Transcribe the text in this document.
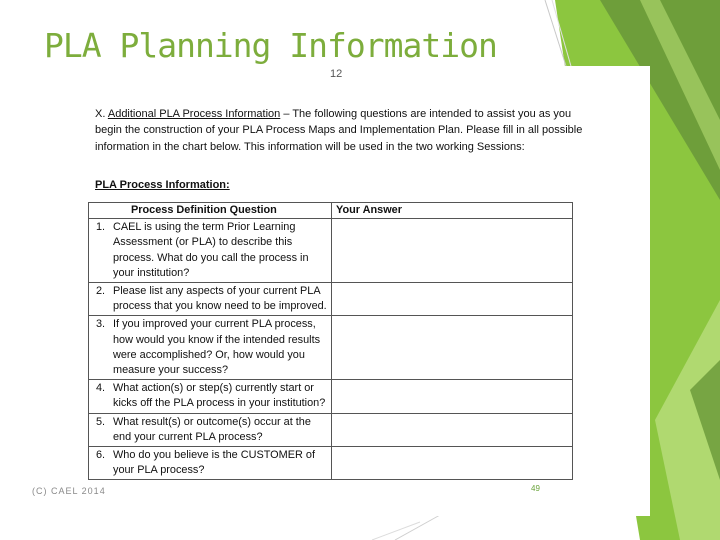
PLA Planning Information
12
X. Additional PLA Process Information – The following questions are intended to assist you as you begin the construction of your PLA Process Maps and Implementation Plan. Please fill in all possible information in the chart below. This information will be used in the two working Sessions:
PLA Process Information:
Process Definition Question	Your Answer
1. CAEL is using the term Prior Learning Assessment (or PLA) to describe this process. What do you call the process in your institution?	
2. Please list any aspects of your current PLA process that you know need to be improved.	
3. If you improved your current PLA process, how would you know if the intended results were accomplished? Or, how would you measure your success?	
4. What action(s) or step(s) currently start or kicks off the PLA process in your institution?	
5. What result(s) or outcome(s) occur at the end your current PLA process?	
6. Who do you believe is the CUSTOMER of your PLA process?	
49
(C) CAEL 2014
